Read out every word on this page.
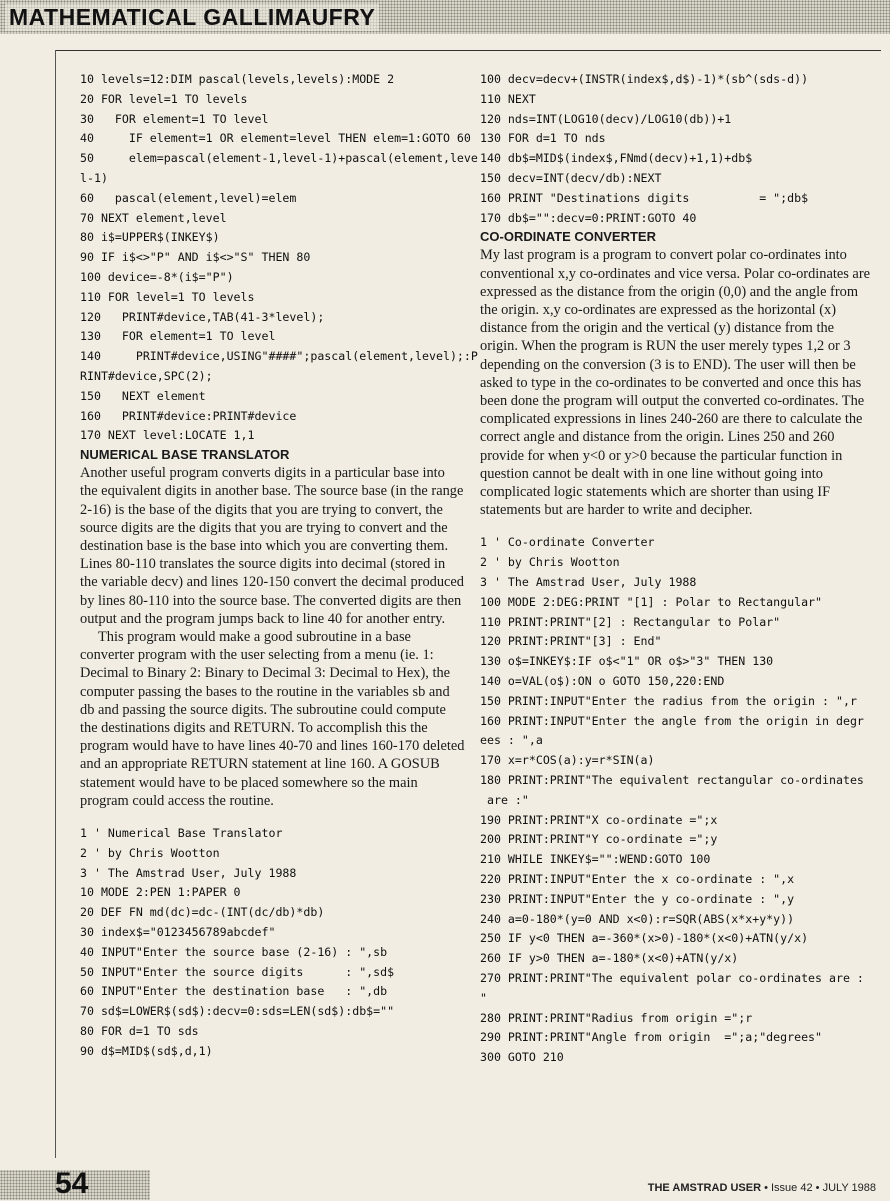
MATHEMATICAL GALLIMAUFRY
10 levels=12:DIM pascal(levels,levels):MODE 2
20 FOR level=1 TO levels
30   FOR element=1 TO level
40     IF element=1 OR element=level THEN elem=1:GOTO 60
50     elem=pascal(element-1,level-1)+pascal(element,leve
l-1)
60   pascal(element,level)=elem
70 NEXT element,level
80 i$=UPPER$(INKEY$)
90 IF i$<>"P" AND i$<>"S" THEN 80
100 device=-8*(i$="P")
110 FOR level=1 TO levels
120   PRINT#device,TAB(41-3*level);
130   FOR element=1 TO level
140     PRINT#device,USING"####";pascal(element,level);:P
RINT#device,SPC(2);
150   NEXT element
160   PRINT#device:PRINT#device
170 NEXT level:LOCATE 1,1
NUMERICAL BASE TRANSLATOR

Another useful program converts digits in a particular base into the equivalent digits in another base. The source base (in the range 2-16) is the base of the digits that you are trying to convert, the source digits are the digits that you are trying to convert and the destination base is the base into which you are converting them. Lines 80-110 translates the source digits into decimal (stored in the variable decv) and lines 120-150 convert the decimal produced by lines 80-110 into the source base. The converted digits are then output and the program jumps back to line 40 for another entry.

This program would make a good subroutine in a base converter program with the user selecting from a menu (ie. 1: Decimal to Binary 2: Binary to Decimal 3: Decimal to Hex), the computer passing the bases to the routine in the variables sb and db and passing the source digits. The subroutine could compute the destinations digits and RETURN. To accomplish this the program would have to have lines 40-70 and lines 160-170 deleted and an appropriate RETURN statement at line 160. A GOSUB statement would have to be placed somewhere so the main program could access the routine.

1 ' Numerical Base Translator
2 ' by Chris Wootton
3 ' The Amstrad User, July 1988
10 MODE 2:PEN 1:PAPER 0
20 DEF FN md(dc)=dc-(INT(dc/db)*db)
30 index$="0123456789abcdef"
40 INPUT"Enter the source base (2-16) : ",sb
50 INPUT"Enter the source digits      : ",sd$
60 INPUT"Enter the destination base   : ",db
70 sd$=LOWER$(sd$):decv=0:sds=LEN(sd$):db$=""
80 FOR d=1 TO sds
90 d$=MID$(sd$,d,1)
100 decv=decv+(INSTR(index$,d$)-1)*(sb^(sds-d))
110 NEXT
120 nds=INT(LOG10(decv)/LOG10(db))+1
130 FOR d=1 TO nds
140 db$=MID$(index$,FNmd(decv)+1,1)+db$
150 decv=INT(decv/db):NEXT
160 PRINT "Destinations digits          = ";db$
170 db$="":decv=0:PRINT:GOTO 40
CO-ORDINATE CONVERTER

My last program is a program to convert polar co-ordinates into conventional x,y co-ordinates and vice versa. Polar co-ordinates are expressed as the distance from the origin (0,0) and the angle from the origin. x,y co-ordinates are expressed as the horizontal (x) distance from the origin and the vertical (y) distance from the origin. When the program is RUN the user merely types 1,2 or 3 depending on the conversion (3 is to END). The user will then be asked to type in the co-ordinates to be converted and once this has been done the program will output the converted co-ordinates. The complicated expressions in lines 240-260 are there to calculate the correct angle and distance from the origin. Lines 250 and 260 provide for when y<0 or y>0 because the particular function in question cannot be dealt with in one line without going into complicated logic statements which are shorter than using IF statements but are harder to write and decipher.

1 ' Co-ordinate Converter
2 ' by Chris Wootton
3 ' The Amstrad User, July 1988
100 MODE 2:DEG:PRINT "[1] : Polar to Rectangular"
110 PRINT:PRINT"[2] : Rectangular to Polar"
120 PRINT:PRINT"[3] : End"
130 o$=INKEY$:IF o$<"1" OR o$>"3" THEN 130
140 o=VAL(o$):ON o GOTO 150,220:END
150 PRINT:INPUT"Enter the radius from the origin : ",r
160 PRINT:INPUT"Enter the angle from the origin in degr
ees : ",a
170 x=r*COS(a):y=r*SIN(a)
180 PRINT:PRINT"The equivalent rectangular co-ordinates
are :"
190 PRINT:PRINT"X co-ordinate =";x
200 PRINT:PRINT"Y co-ordinate =";y
210 WHILE INKEY$="":WEND:GOTO 100
220 PRINT:INPUT"Enter the x co-ordinate : ",x
230 PRINT:INPUT"Enter the y co-ordinate : ",y
240 a=0-180*(y=0 AND x<0):r=SQR(ABS(x*x+y*y))
250 IF y<0 THEN a=-360*(x>0)-180*(x<0)+ATN(y/x)
260 IF y>0 THEN a=-180*(x<0)+ATN(y/x)
270 PRINT:PRINT"The equivalent polar co-ordinates are :
"
280 PRINT:PRINT"Radius from origin =";r
290 PRINT:PRINT"Angle from origin  =";a;"degrees"
300 GOTO 210
54	THE AMSTRAD USER • Issue 42 • JULY 1988
